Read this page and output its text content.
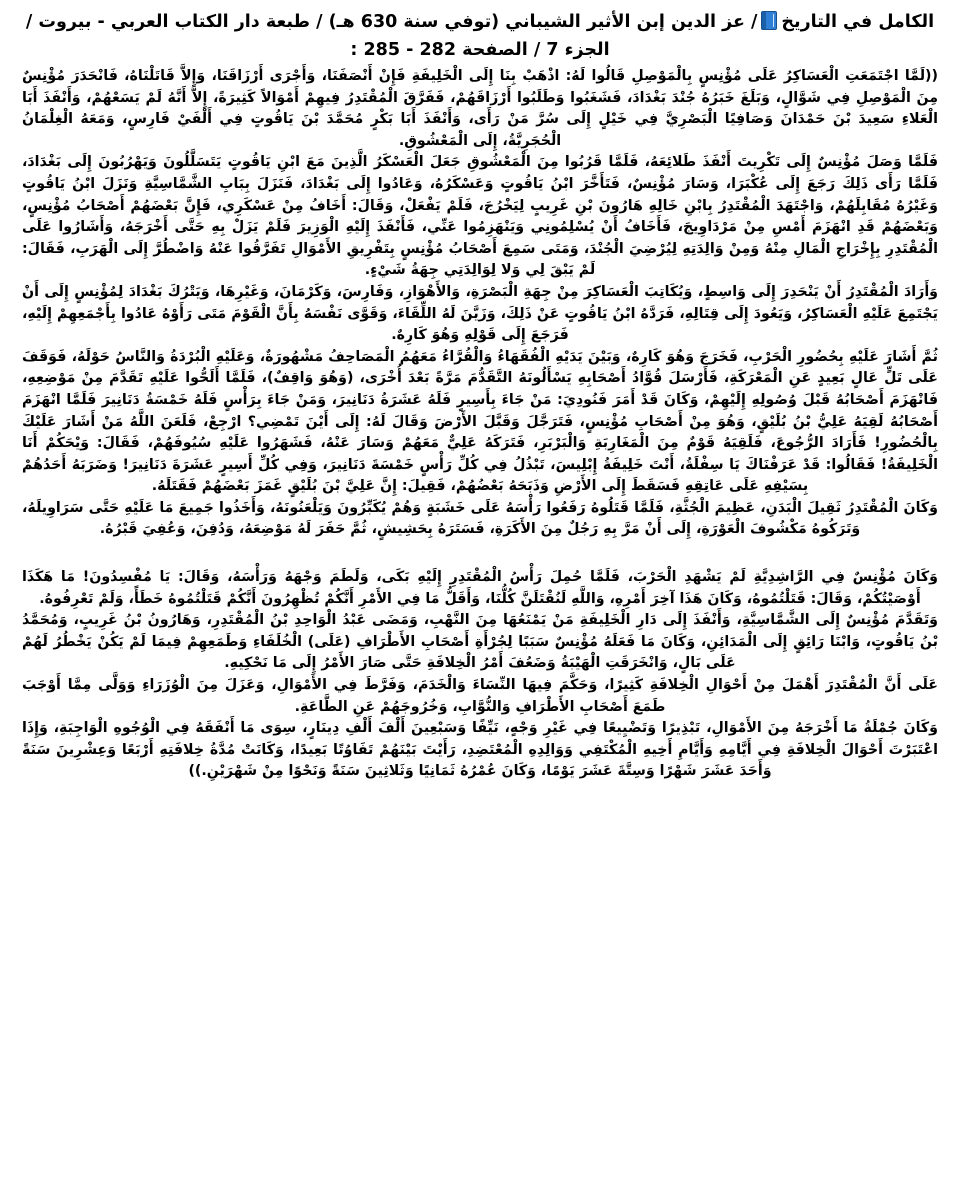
الكامل في التاريخ/ عز الدين إبن الأثير الشيباني (توفي سنة 630 هـ) / طبعة دار الكتاب العربي - بيروت / الجزء 7 / الصفحة 282 - 285 :

((لَمَّا اجْتَمَعَتِ الْعَسَاكِرُ عَلَى مُؤْنِسٍ بِالْمَوْصِلِ قَالُوا لَهُ: اذْهَبْ بِنَا إِلَى الْخَلِيفَةِ فَإِنْ أَنْصَفَنَا، وَأَجْرَى أَرْزَاقَنَا، وَإِلاَّ قَاتَلْنَاهُ، فَانْحَدَرَ مُؤْنِسٌ مِنَ الْمَوْصِلِ فِي شَوَّالٍ، وَبَلَغَ خَبَرُهُ جُنْدَ بَغْدَادَ، فَشَغَبُوا وَطَلَبُوا أَرْزَاقَهُمْ، فَفَرَّقَ الْمُقْتَدِرُ فِيهِمْ أَمْوَالاً كَثِيرَةً، إِلاَّ أَنَّهُ لَمْ يَسَعْهُمْ، وَأَنْفَذَ أَبَا الْعَلاءِ سَعِيدَ بْنَ حَمْدَانَ وَصَافِيًا الْبَصْرِيَّ فِي خَيْلٍ إِلَى سُرَّ مَنْ رَأَى، وَأَنْفَذَ أَبَا بَكْرٍ مُحَمَّدَ بْنَ يَاقُوتٍ فِي أَلْفَيْ فَارِسٍ، وَمَعَهُ الْغِلْمَانُ الْحُجَرِيَّةُ، إِلَى الْمَعْشُوقِ.

فَلَمَّا وَصَلَ مُؤْنِسٌ إِلَى تَكْرِيتَ أَنْفَذَ طَلائِعَهُ، فَلَمَّا قَرُبُوا مِنَ الْمَعْشُوقِ جَعَلَ الْعَسْكَرُ الَّذِينَ مَعَ ابْنِ يَاقُوتٍ يَتَسَلَّلُونَ وَيَهْرُبُونَ إِلَى بَغْدَادَ، فَلَمَّا رَأَى ذَلِكَ رَجَعَ إِلَى عُكْبَرَا، وَسَارَ مُؤْنِسٌ، فَتَأَخَّرَ ابْنُ يَاقُوتٍ وَعَسْكَرُهُ، وَعَادُوا إِلَى بَغْدَادَ، فَنَزَلَ بِبَابِ الشَّمَّاسِيَّةِ وَنَزَلَ ابْنُ يَاقُوتٍ وَغَيْرُهُ مُقَابِلَهُمْ، وَاجْتَهَدَ الْمُقْتَدِرُ بِابْنِ خَالِهِ هَارُونَ بْنِ غَرِيبٍ لِيَخْرُجَ، فَلَمْ يَفْعَلْ، وَقَالَ: أَخَافُ مِنْ عَسْكَرِي، فَإِنَّ بَعْضَهُمْ أَصْحَابُ مُؤْنِسٍ، وَبَعْضَهُمْ قَدِ انْهَزَمَ أَمْسِ مِنْ مَرْدَاوِيجَ، فَأَخَافُ أَنْ يُسْلِمُونِي وَيَنْهَزِمُوا عَنِّي، فَأَنْفَذَ إِلَيْهِ الْوَزِيرَ فَلَمْ يَزَلْ بِهِ حَتَّى أَخْرَجَهُ، وَأَشَارُوا عَلَى الْمُقْتَدِرِ بِإِخْرَاجِ الْمَالِ مِنْهُ وَمِنْ وَالِدَتِهِ لِيُرْضِيَ الْجُنْدَ، وَمَتَى سَمِعَ أَصْحَابُ مُؤْنِسٍ بِتَفْرِيقِ الأَمْوَالِ تَفَرَّقُوا عَنْهُ وَاضْطُرَّ إِلَى الْهَرَبِ، فَقَالَ: لَمْ يَبْقَ لِي وَلا لِوَالِدَتِي جِهَةُ شَيْءٍ.

وَأَرَادَ الْمُقْتَدِرُ أَنْ يَنْحَدِرَ إِلَى وَاسِطٍ، وَيُكَاتِبَ الْعَسَاكِرَ مِنْ جِهَةِ الْبَصْرَةِ، وَالأَهْوَازِ، وَفَارِسَ، وَكَرْمَانَ، وَغَيْرِهَا، وَيَتْرُكَ بَغْدَادَ لِمُؤْنِسٍ إِلَى أَنْ يَجْتَمِعَ عَلَيْهِ الْعَسَاكِرُ، وَيَعُودَ إِلَى قِتَالِهِ، فَرَدَّهُ ابْنُ يَاقُوتٍ عَنْ ذَلِكَ، وَزَيَّنَ لَهُ اللِّقَاءَ، وَقَوَّى نَفْسَهُ بِأَنَّ الْقَوْمَ مَتَى رَأَوْهُ عَادُوا بِأَجْمَعِهِمْ إِلَيْهِ، فَرَجَعَ إِلَى قَوْلِهِ وَهُوَ كَارِهٌ.

ثُمَّ أَشَارَ عَلَيْهِ بِحُضُورِ الْحَرْبِ، فَخَرَجَ وَهُوَ كَارِهٌ، وَبَيْنَ يَدَيْهِ الْفُقَهَاءُ وَالْقُرَّاءُ مَعَهُمُ الْمَصَاحِفُ مَشْهُورَةٌ، وَعَلَيْهِ الْبُرْدَةُ وَالنَّاسُ حَوْلَهُ، فَوَقَفَ عَلَى تَلٍّ عَالٍ بَعِيدٍ عَنِ الْمَعْرَكَةِ، فَأَرْسَلَ قُوَّادُ أَصْحَابِهِ يَسْأَلُونَهُ التَّقَدُّمَ مَرَّةً بَعْدَ أُخْرَى، (وَهُوَ وَاقِفٌ)، فَلَمَّا أَلَحُّوا عَلَيْهِ تَقَدَّمَ مِنْ مَوْضِعِهِ، فَانْهَزَمَ أَصْحَابُهُ قَبْلَ وُصُولِهِ إِلَيْهِمْ، وَكَانَ قَدْ أَمَرَ فَنُودِيَ: مَنْ جَاءَ بِأَسِيرٍ فَلَهُ عَشَرَةُ دَنَانِيرَ، وَمَنْ جَاءَ بِرَأْسٍ فَلَهُ خَمْسَةُ دَنَانِيرَ فَلَمَّا انْهَزَمَ أَصْحَابُهُ لَقِيَهُ عَلِيُّ بْنُ بُلَيْقٍ، وَهُوَ مِنْ أَصْحَابِ مُؤْنِسٍ، فَتَرَجَّلَ وَقَبَّلَ الأَرْضَ وَقَالَ لَهُ: إِلَى أَيْنَ تَمْضِي؟ ارْجِعْ، فَلَعَنَ اللَّهُ مَنْ أَشَارَ عَلَيْكَ بِالْحُضُورِ! فَأَرَادَ الرُّجُوعَ، فَلَقِيَهُ قَوْمٌ مِنَ الْمَغَارِبَةِ وَالْبَرْبَرِ، فَتَرَكَهُ عَلِيٌّ مَعَهُمْ وَسَارَ عَنْهُ، فَشَهَرُوا عَلَيْهِ سُيُوفَهُمْ، فَقَالَ: وَيْحَكُمْ أَنَا الْخَلِيفَةُ! فَقَالُوا: قَدْ عَرَفْنَاكَ يَا سِفْلَةُ، أَنْتَ خَلِيفَةُ إِبْلِيسَ، تَبْذُلُ فِي كُلِّ رَأْسٍ خَمْسَةَ دَنَانِيرَ، وَفِي كُلِّ أَسِيرٍ عَشَرَةَ دَنَانِيرَ! وَضَرَبَهُ أَحَدُهُمْ بِسَيْفِهِ عَلَى عَاتِقِهِ فَسَقَطَ إِلَى الأَرْضِ وَذَبَحَهُ بَعْضُهُمْ، فَقِيلَ: إِنَّ عَلِيَّ بْنَ بُلَيْقٍ غَمَزَ بَعْضَهُمْ فَقَتَلَهُ.

وَكَانَ الْمُقْتَدِرُ ثَقِيلَ الْبَدَنِ، عَظِيمَ الْجُثَّةِ، فَلَمَّا قَتَلُوهُ رَفَعُوا رَأْسَهُ عَلَى خَشَبَةٍ وَهُمْ يُكَبِّرُونَ وَيَلْعَنُونَهُ، وَأَخَذُوا جَمِيعَ مَا عَلَيْهِ حَتَّى سَرَاوِيلَهُ، وَتَرَكُوهُ مَكْشُوفَ الْعَوْرَةِ، إِلَى أَنْ مَرَّ بِهِ رَجُلٌ مِنَ الأَكَرَةِ، فَسَتَرَهُ بِحَشِيشٍ، ثُمَّ حَفَرَ لَهُ مَوْضِعَهُ، وَدُفِنَ، وَعُفِيَ قَبْرُهُ.

وَكَانَ مُؤْنِسٌ فِي الرَّاشِدِيَّةِ لَمْ يَشْهَدِ الْحَرْبَ، فَلَمَّا حُمِلَ رَأْسُ الْمُقْتَدِرِ إِلَيْهِ بَكَى، وَلَطَمَ وَجْهَهُ وَرَأْسَهُ، وَقَالَ: يَا مُفْسِدُونَ! مَا هَكَذَا أَوْصَيْتُكُمْ، وَقَالَ: قَتَلْتُمُوهُ، وَكَانَ هَذَا آخِرَ أَمْرِهِ، وَاللَّهِ لَنُقْتَلَنَّ كُلُّنَا، وَأَقَلُّ مَا فِي الأَمْرِ أَنَّكُمْ تُظْهِرُونَ أَنَّكُمْ قَتَلْتُمُوهُ خَطَأً، وَلَمْ تَعْرِفُوهُ.

وَتَقَدَّمَ مُؤْنِسٌ إِلَى الشَّمَّاسِيَّةِ، وَأَنْفَذَ إِلَى دَارِ الْخَلِيفَةِ مَنْ يَمْنَعُهَا مِنَ النَّهْبِ، وَمَضَى عَبْدُ الْوَاحِدِ بْنُ الْمُقْتَدِرِ، وَهَارُونُ بْنُ غَرِيبٍ، وَمُحَمَّدُ بْنُ يَاقُوتٍ، وَابْنَا رَائِقٍ إِلَى الْمَدَائِنِ، وَكَانَ مَا فَعَلَهُ مُؤْنِسٌ سَبَبًا لِجُرْأَةِ أَصْحَابِ الأَطْرَافِ (عَلَى) الْخُلَفَاءِ وَطَمَعِهِمْ فِيمَا لَمْ يَكُنْ يَخْطُرُ لَهُمْ عَلَى بَالٍ، وَانْخَرَقَتِ الْهَيْبَةُ وَضَعُفَ أَمْرُ الْخِلافَةِ حَتَّى صَارَ الأَمْرُ إِلَى مَا نَحْكِيهِ.

عَلَى أَنَّ الْمُقْتَدِرَ أَهْمَلَ مِنْ أَحْوَالِ الْخِلافَةِ كَثِيرًا، وَحَكَّمَ فِيهَا النِّسَاءَ وَالْخَدَمَ، وَفَرَّطَ فِي الأَمْوَالِ، وَعَزَلَ مِنَ الْوُزَرَاءِ وَوَلَّى مِمَّا أَوْجَبَ طَمَعَ أَصْحَابِ الأَطْرَافِ وَالنُّوَّابِ، وَخُرُوجَهُمْ عَنِ الطَّاعَةِ.

وَكَانَ جُمْلَةُ مَا أَخْرَجَهُ مِنَ الأَمْوَالِ، تَبْذِيرًا وَتَضْيِيعًا فِي غَيْرِ وَجْهٍ، نَيِّفًا وَسَبْعِينَ أَلْفَ أَلْفِ دِينَارٍ، سِوَى مَا أَنْفَقَهُ فِي الْوُجُوهِ الْوَاجِبَةِ، وَإِذَا اعْتَبَرْتَ أَحْوَالَ الْخِلافَةِ فِي أَيَّامِهِ وَأَيَّامِ أَخِيهِ الْمُكْتَفِي وَوَالِدِهِ الْمُعْتَضِدِ، رَأَيْتَ بَيْنَهُمْ تَفَاوُتًا بَعِيدًا، وَكَانَتْ مُدَّةُ خِلافَتِهِ أَرْبَعًا وَعِشْرِينَ سَنَةً وَأَحَدَ عَشَرَ شَهْرًا وَسِتَّةَ عَشَرَ يَوْمًا، وَكَانَ عُمْرُهُ ثَمَانِيًا وَثَلاثِينَ سَنَةً وَنَحْوًا مِنْ شَهْرَيْنِ.))
